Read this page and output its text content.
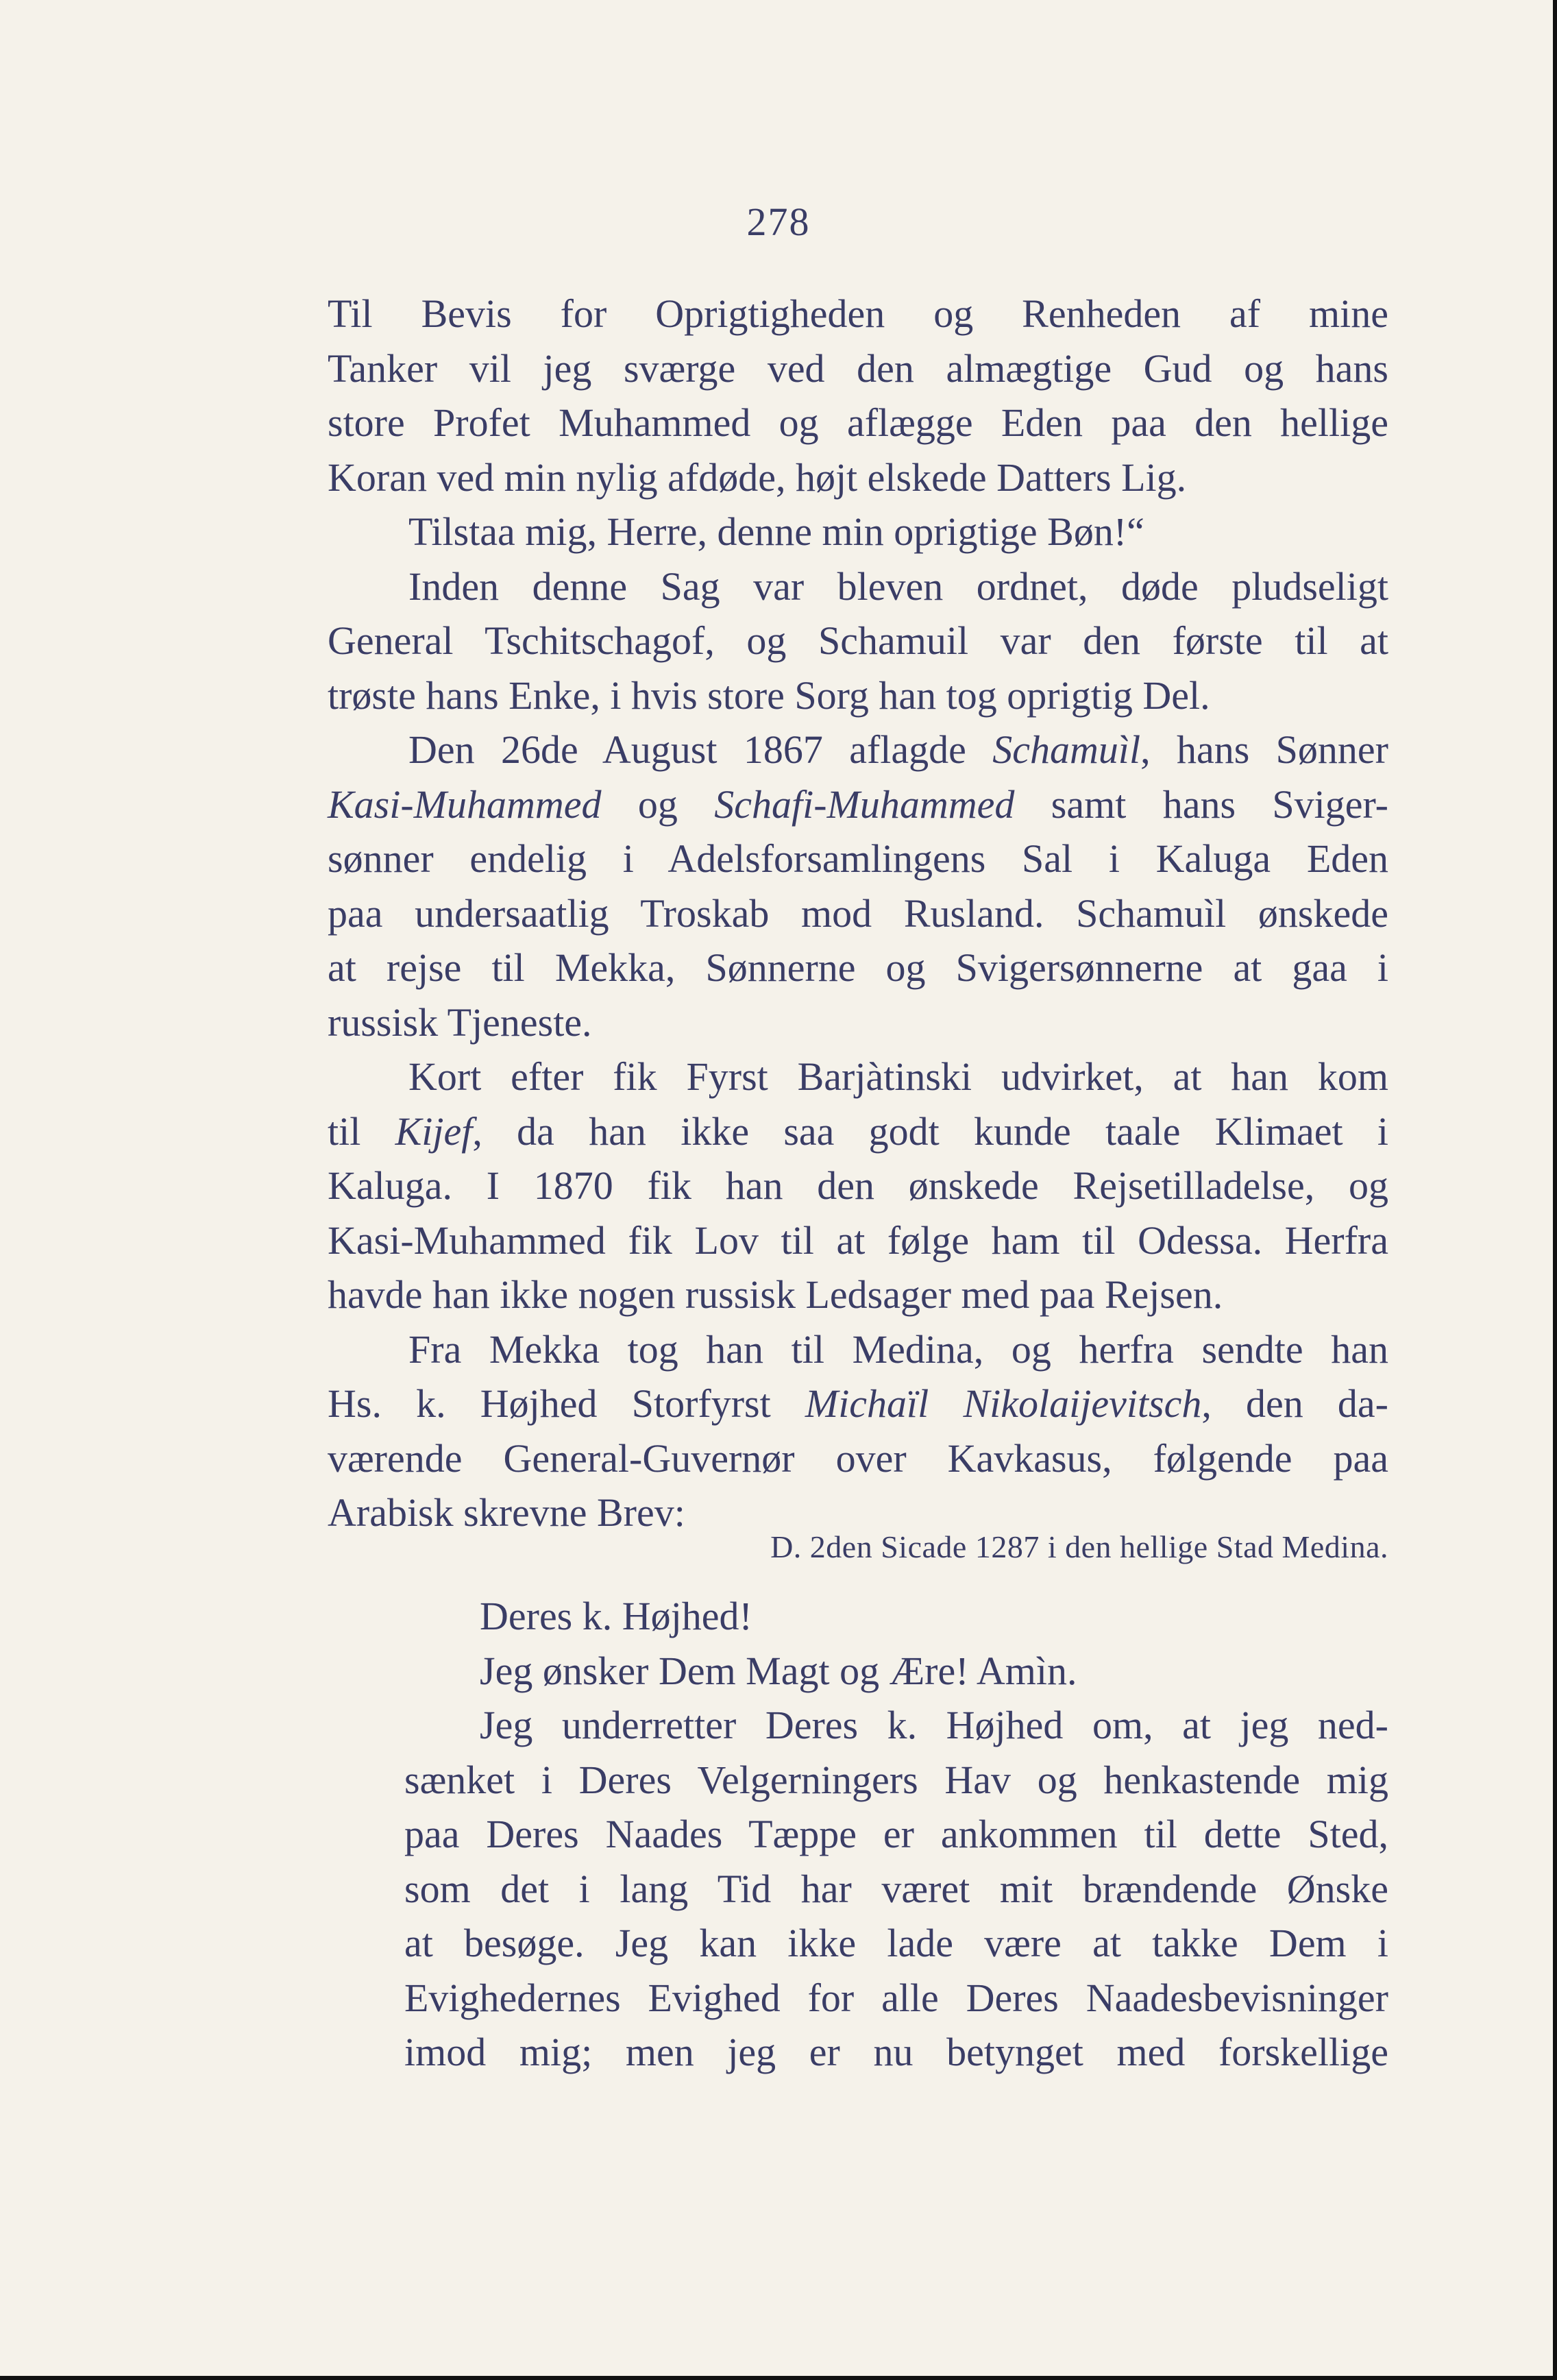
278
Til Bevis for Oprigtigheden og Renheden af mine
Tanker vil jeg sværge ved den almægtige Gud og hans
store Profet Muhammed og aflægge Eden paa den hellige
Koran ved min nylig afdøde, højt elskede Datters Lig.
Tilstaa mig, Herre, denne min oprigtige Bøn!“
Inden denne Sag var bleven ordnet, døde pludseligt
General Tschitschagof, og Schamuil var den første til at
trøste hans Enke, i hvis store Sorg han tog oprigtig Del.
Den 26de August 1867 aflagde Schamuìl, hans Sønner
Kasi-Muhammed og Schafi-Muhammed samt hans Sviger-
sønner endelig i Adelsforsamlingens Sal i Kaluga Eden
paa undersaatlig Troskab mod Rusland. Schamuìl ønskede
at rejse til Mekka, Sønnerne og Svigersønnerne at gaa i
russisk Tjeneste.
Kort efter fik Fyrst Barjàtinski udvirket, at han kom
til Kijef, da han ikke saa godt kunde taale Klimaet i
Kaluga. I 1870 fik han den ønskede Rejsetilladelse, og
Kasi-Muhammed fik Lov til at følge ham til Odessa. Herfra
havde han ikke nogen russisk Ledsager med paa Rejsen.
Fra Mekka tog han til Medina, og herfra sendte han
Hs. k. Højhed Storfyrst Michaïl Nikolaijevitsch, den da-
værende General-Guvernør over Kavkasus, følgende paa
Arabisk skrevne Brev:
D. 2den Sicade 1287 i den hellige Stad Medina.
Deres k. Højhed!
Jeg ønsker Dem Magt og Ære! Amìn.
Jeg underretter Deres k. Højhed om, at jeg ned-
sænket i Deres Velgerningers Hav og henkastende mig
paa Deres Naades Tæppe er ankommen til dette Sted,
som det i lang Tid har været mit brændende Ønske
at besøge. Jeg kan ikke lade være at takke Dem i
Evighedernes Evighed for alle Deres Naadesbevisninger
imod mig; men jeg er nu betynget med forskellige
